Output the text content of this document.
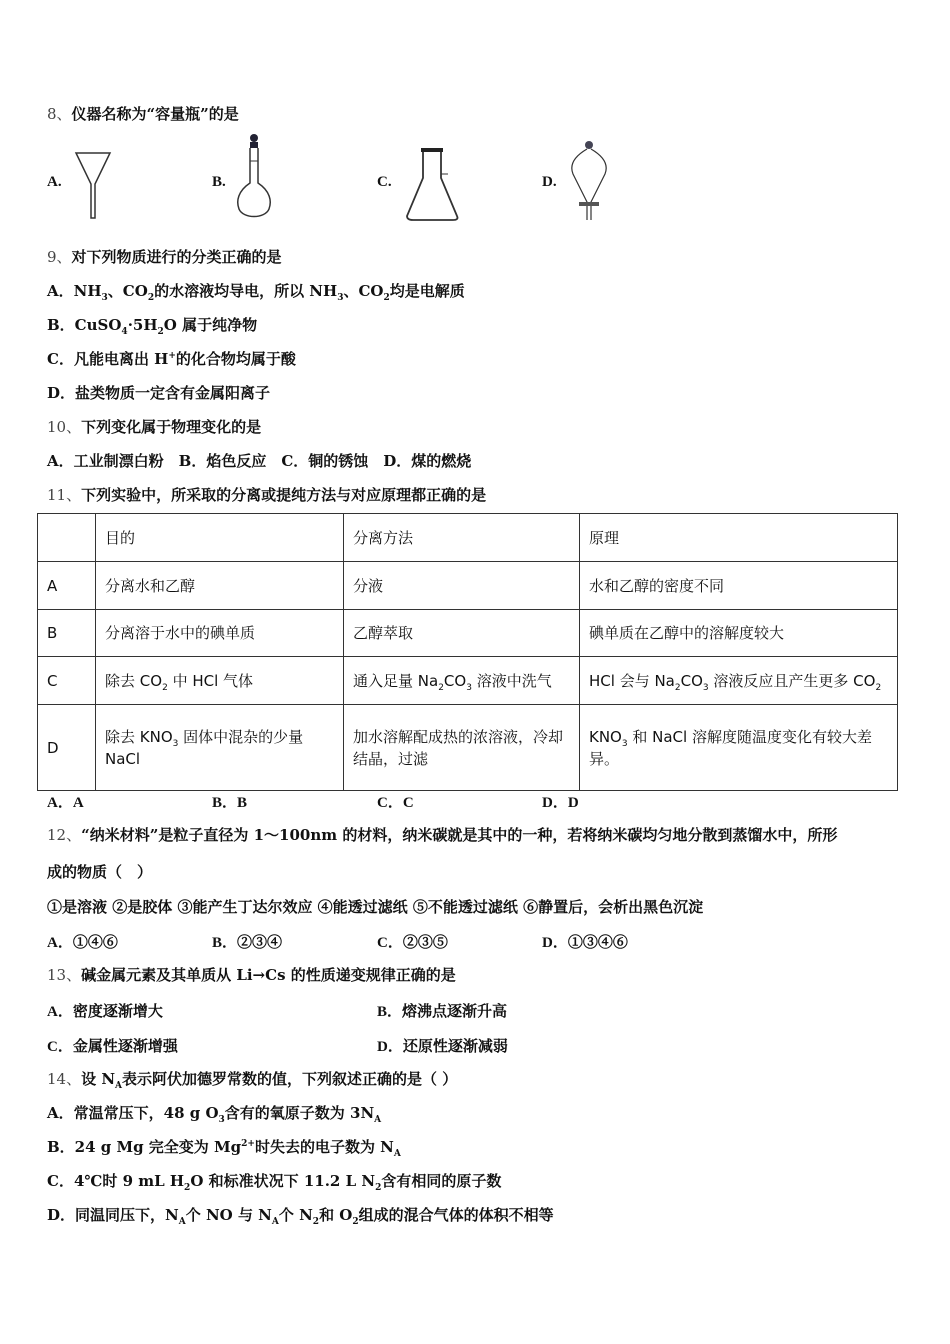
8、仪器名称为“容量瓶”的是
A.	B.	C.	D.
9、对下列物质进行的分类正确的是
A．$NH_3$、$CO_2$的水溶液均导电，所以 $NH_3$、$CO_2$均是电解质
B．$CuSO_4\cdot 5H_2O$ 属于纯净物
C．凡能电离出 H+的化合物均属于酸
D．盐类物质一定含有金属阳离子
10、下列变化属于物理变化的是
A．工业制漂白粉　B．焰色反应　C．铜的锈蚀　D．煤的燃烧
11、下列实验中，所采取的分离或提纯方法与对应原理都正确的是
	目的	分离方法	原理
A	分离水和乙醇	分液	水和乙醇的密度不同
B	分离溶于水中的碘单质	乙醇萃取	碘单质在乙醇中的溶解度较大
C	除去 $CO_2$ 中 HCl 气体	通入足量 $Na_2CO_3$ 溶液中洗气	HCl 会与 $Na_2CO_3$ 溶液反应且产生更多 $CO_2$
D	除去 $KNO_3$ 固体中混杂的少量 NaCl	加水溶解配成热的浓溶液，冷却结晶，过滤	$KNO_3$ 和 NaCl 溶解度随温度变化有较大差异。
12、“纳米材料”是粒子直径为 1～100nm 的材料，纳米碳就是其中的一种，若将纳米碳均匀地分散到蒸馏水中，所形
成的物质（　）
①是溶液 ②是胶体 ③能产生丁达尔效应 ④能透过滤纸 ⑤不能透过滤纸 ⑥静置后，会析出黑色沉淀
13、碱金属元素及其单质从 Li→Cs 的性质递变规律正确的是
14、设 $N_A$表示阿伏加德罗常数的值，下列叙述正确的是（ ）
A．常温常压下，48 g $O_3$含有的氧原子数为 $3N_A$
B．24 g Mg 完全变为 $Mg^{2+}$时失去的电子数为 $N_A$
C．4℃时 9 mL $H_2O$ 和标准状况下 11.2 L $N_2$含有相同的原子数
D．同温同压下，$N_A$个 NO 与 $N_A$个 $N_2$和 $O_2$组成的混合气体的体积不相等
A．A	B．B	C．C	D．D
A．①④⑥	B．②③④	C．②③⑤	D．①③④⑥
A．密度逐渐增大	B．熔沸点逐渐升高
C．金属性逐渐增强	D．还原性逐渐减弱
